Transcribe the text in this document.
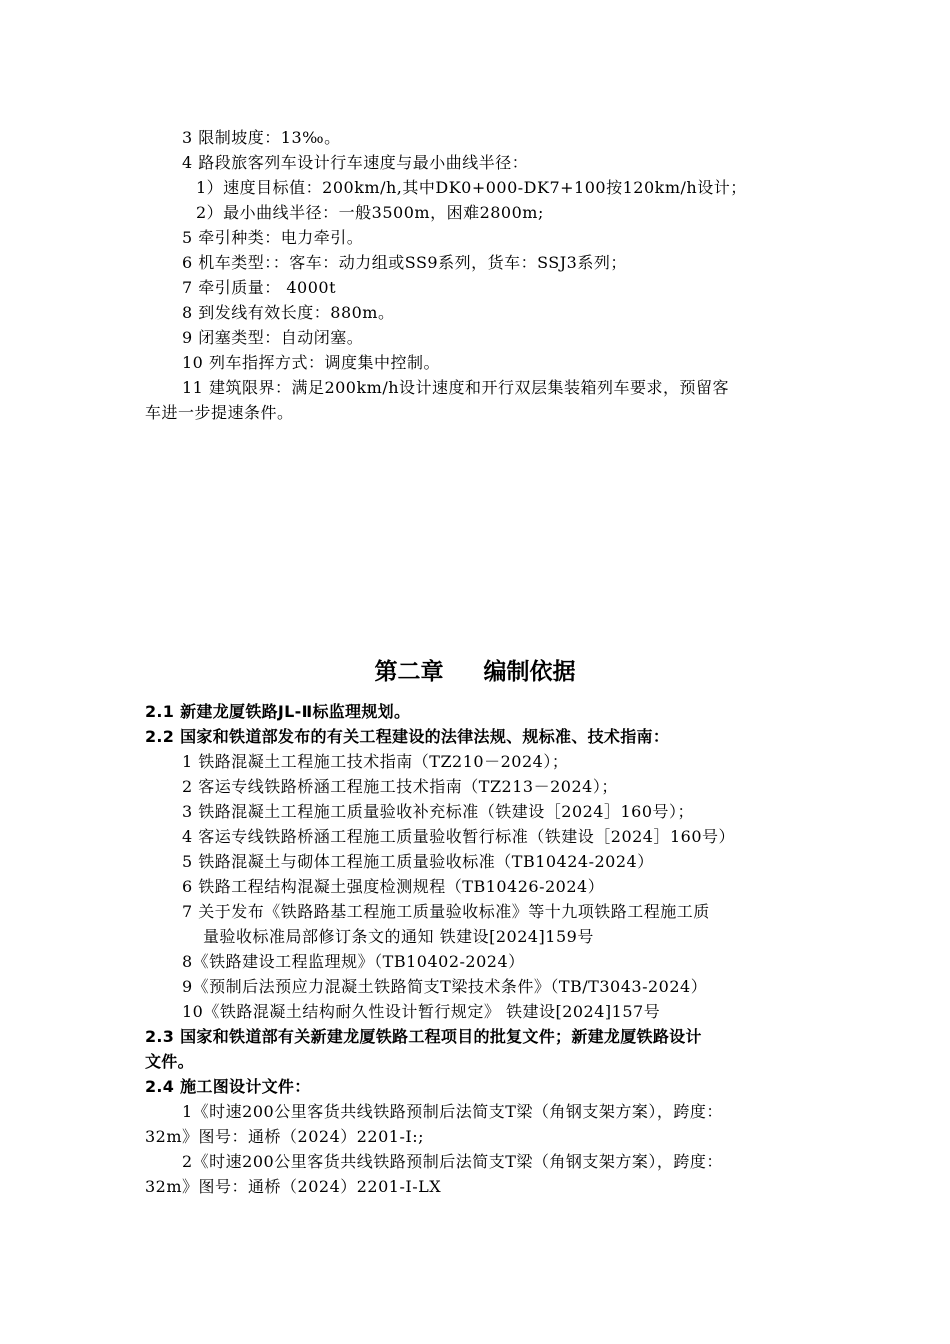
3 限制坡度：13‰。
4 路段旅客列车设计行车速度与最小曲线半径：
1）速度目标值：200km/h,其中DK0+000-DK7+100按120km/h设计；
2）最小曲线半径：一般3500m，困难2800m;
5 牵引种类：电力牵引。
6 机车类型：：客车：动力组或SS9系列，货车：SSJ3系列；
7 牵引质量： 4000t
8 到发线有效长度：880m。
9 闭塞类型：自动闭塞。
10 列车指挥方式：调度集中控制。
11 建筑限界：满足200km/h设计速度和开行双层集装箱列车要求，预留客
车进一步提速条件。
第二章     编制依据
2.1 新建龙厦铁路JL-Ⅱ标监理规划。
2.2 国家和铁道部发布的有关工程建设的法律法规、规标准、技术指南：
1 铁路混凝土工程施工技术指南（TZ210－2024）；
2 客运专线铁路桥涵工程施工技术指南（TZ213－2024）；
3 铁路混凝土工程施工质量验收补充标准（铁建设［2024］160号）；
4 客运专线铁路桥涵工程施工质量验收暂行标准（铁建设［2024］160号）
5 铁路混凝土与砌体工程施工质量验收标准（TB10424-2024）
6 铁路工程结构混凝土强度检测规程（TB10426-2024）
7 关于发布《铁路路基工程施工质量验收标准》等十九项铁路工程施工质
量验收标准局部修订条文的通知 铁建设[2024]159号
8《铁路建设工程监理规》（TB10402-2024）
9《预制后法预应力混凝土铁路简支T梁技术条件》（TB/T3043-2024）
10《铁路混凝土结构耐久性设计暂行规定》 铁建设[2024]157号
2.3 国家和铁道部有关新建龙厦铁路工程项目的批复文件；新建龙厦铁路设计
文件。
2.4 施工图设计文件：
1《时速200公里客货共线铁路预制后法简支T梁（角钢支架方案），跨度：
32m》图号：通桥（2024）2201-I:;
2《时速200公里客货共线铁路预制后法简支T梁（角钢支架方案），跨度：
32m》图号：通桥（2024）2201-I-LX
